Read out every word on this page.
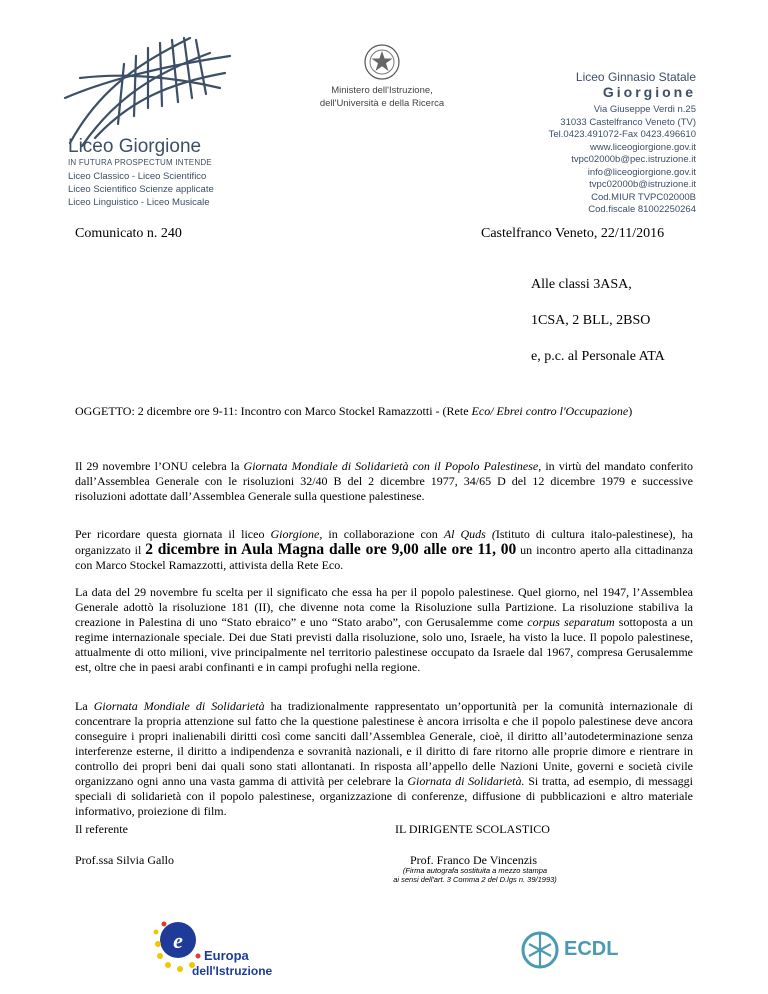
Liceo Giorgione
IN FUTURA PROSPECTUM INTENDE
Liceo Classico - Liceo Scientifico
Liceo Scientifico Scienze applicate
Liceo Linguistico - Liceo Musicale
Ministero dell'Istruzione,
dell'Università e della Ricerca
Liceo Ginnasio Statale
Giorgione
Via Giuseppe Verdi n.25
31033 Castelfranco Veneto (TV)
Tel.0423.491072-Fax 0423.496610
www.liceogiorgione.gov.it
tvpc02000b@pec.istruzione.it
info@liceogiorgione.gov.it
tvpc02000b@istruzione.it
Cod.MIUR TVPC02000B
Cod.fiscale 81002250264
Comunicato n. 240	Castelfranco Veneto, 22/11/2016
Alle classi 3ASA,
1CSA, 2 BLL, 2BSO
e, p.c. al Personale ATA
OGGETTO: 2 dicembre ore 9-11: Incontro con Marco Stockel Ramazzotti - (Rete Eco/ Ebrei contro l'Occupazione)

Il 29 novembre l’ONU celebra la Giornata Mondiale di Solidarietà con il Popolo Palestinese, in virtù del mandato conferito dall’Assemblea Generale con le risoluzioni 32/40 B del 2 dicembre 1977, 34/65 D del 12 dicembre 1979 e successive risoluzioni adottate dall’Assemblea Generale sulla questione palestinese.

Per ricordare questa giornata il liceo Giorgione, in collaborazione con Al Quds (Istituto di cultura italo-palestinese), ha organizzato il 2 dicembre in Aula Magna dalle ore 9,00 alle ore 11, 00 un incontro aperto alla cittadinanza con Marco Stockel Ramazzotti, attivista della Rete Eco.

La data del 29 novembre fu scelta per il significato che essa ha per il popolo palestinese. Quel giorno, nel 1947, l’Assemblea Generale adottò la risoluzione 181 (II), che divenne nota come la Risoluzione sulla Partizione. La risoluzione stabiliva la creazione in Palestina di uno “Stato ebraico” e uno “Stato arabo”, con Gerusalemme come corpus separatum sottoposta a un regime internazionale speciale. Dei due Stati previsti dalla risoluzione, solo uno, Israele, ha visto la luce. Il popolo palestinese, attualmente di otto milioni, vive principalmente nel territorio palestinese occupato da Israele dal 1967, compresa Gerusalemme est, oltre che in paesi arabi confinanti e in campi profughi nella regione.

La Giornata Mondiale di Solidarietà ha tradizionalmente rappresentato un’opportunità per la comunità internazionale di concentrare la propria attenzione sul fatto che la questione palestinese è ancora irrisolta e che il popolo palestinese deve ancora conseguire i propri inalienabili diritti così come sanciti dall’Assemblea Generale, cioè, il diritto all’autodeterminazione senza interferenze esterne, il diritto a indipendenza e sovranità nazionali, e il diritto di fare ritorno alle proprie dimore e rientrare in controllo dei propri beni dai quali sono stati allontanati. In risposta all’appello delle Nazioni Unite, governi e società civile organizzano ogni anno una vasta gamma di attività per celebrare la Giornata di Solidarietà. Si tratta, ad esempio, di messaggi speciali di solidarietà con il popolo palestinese, organizzazione di conferenze, diffusione di pubblicazioni e altro materiale informativo, proiezione di film.

Il referente
Prof.ssa Silvia Gallo
IL DIRIGENTE SCOLASTICO
Prof. Franco De Vincenzis
(Firma autografa sostituita a mezzo stampa
ai sensi dell'art. 3 Comma 2 del D.lgs n. 39/1993)
e
Europa
dell'Istruzione
ECDL
